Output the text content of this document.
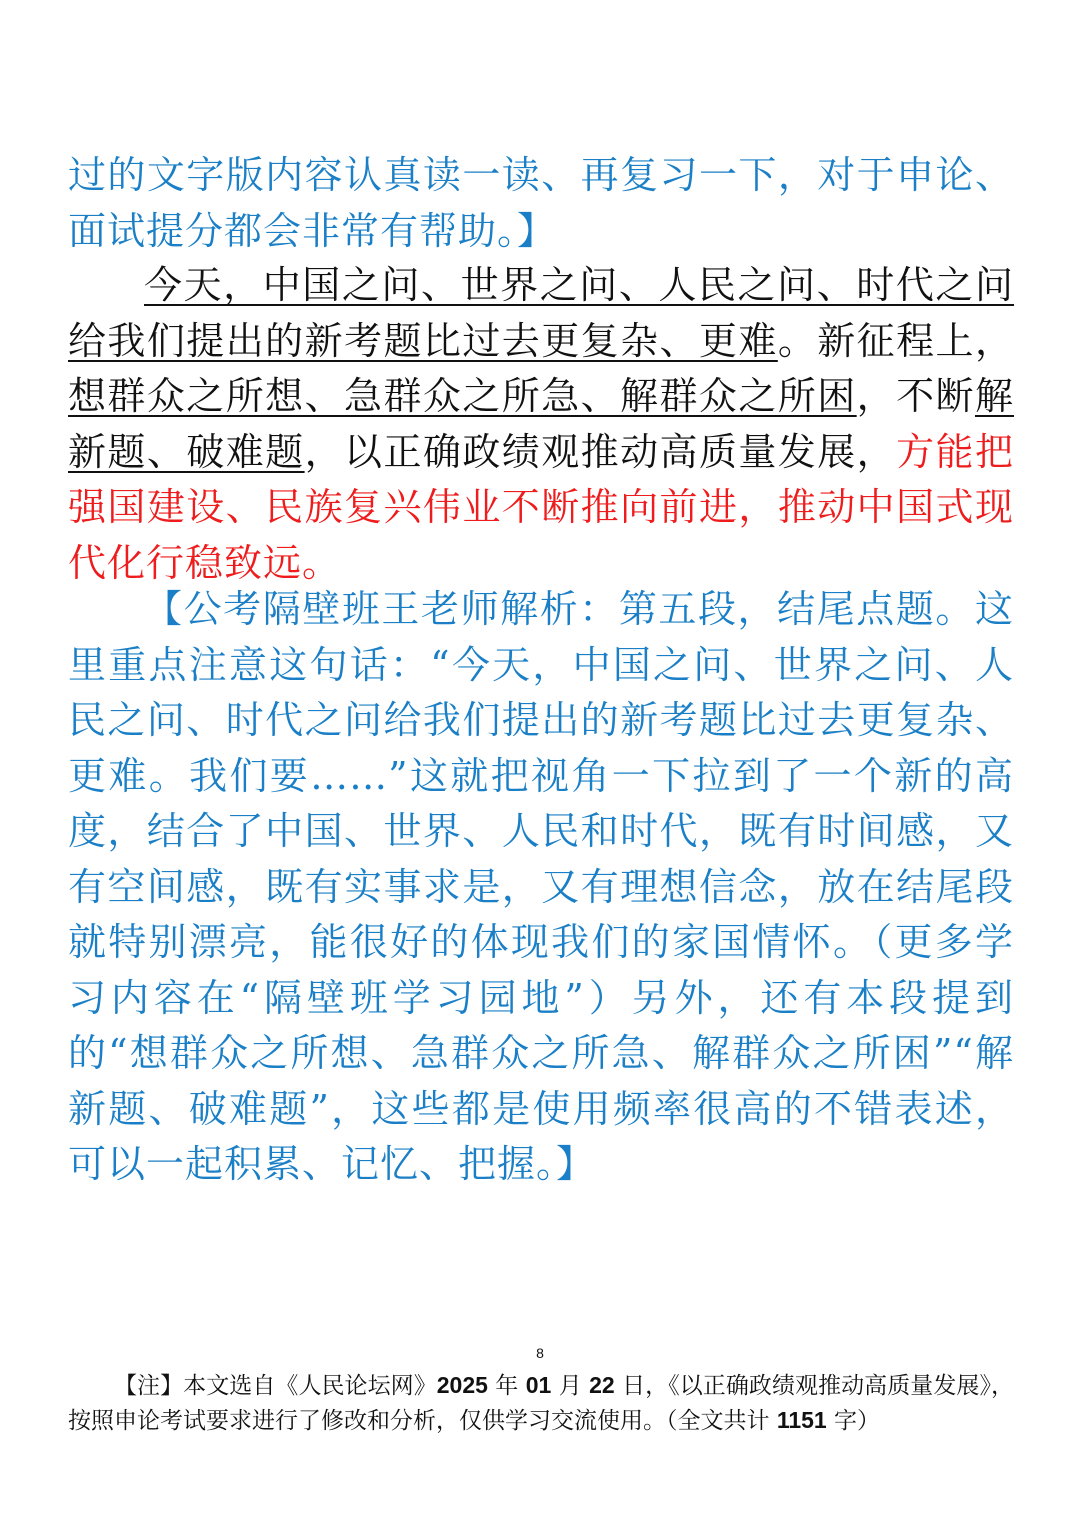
过的文字版内容认真读一读、再复习一下，对于申论、面试提分都会非常有帮助。】
今天，中国之问、世界之问、人民之问、时代之问给我们提出的新考题比过去更复杂、更难。新征程上，想群众之所想、急群众之所急、解群众之所困，不断解新题、破难题，以正确政绩观推动高质量发展，方能把强国建设、民族复兴伟业不断推向前进，推动中国式现代化行稳致远。
【公考隔壁班王老师解析：第五段，结尾点题。这里重点注意这句话：“今天，中国之问、世界之问、人民之问、时代之问给我们提出的新考题比过去更复杂、更难。我们要……”这就把视角一下拉到了一个新的高度，结合了中国、世界、人民和时代，既有时间感，又有空间感，既有实事求是，又有理想信念，放在结尾段就特别漂亮，能很好的体现我们的家国情怀。（更多学习内容在“隔壁班学习园地”）另外，还有本段提到的“想群众之所想、急群众之所急、解群众之所困”“解新题、破难题”，这些都是使用频率很高的不错表述，可以一起积累、记忆、把握。】
8
【注】本文选自《人民论坛网》2025 年 01 月 22 日，《以正确政绩观推动高质量发展》，按照申论考试要求进行了修改和分析，仅供学习交流使用。（全文共计 1151 字）
